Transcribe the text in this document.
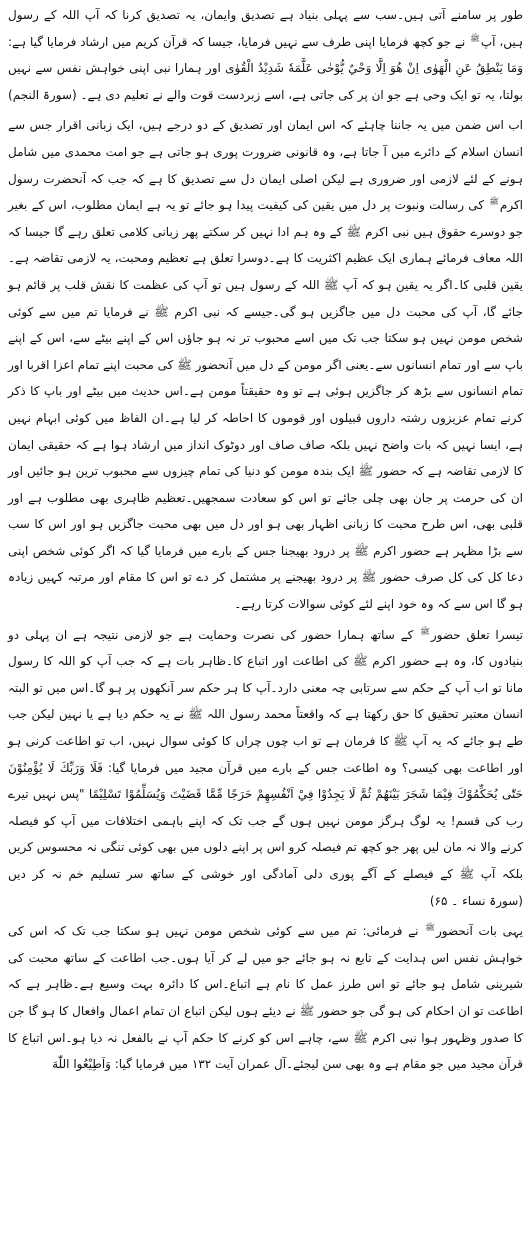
طور پر سامنے آتی ہیں۔سب سے پہلی بنیاد ہے تصدیق وایمان، یہ تصدیق کرنا کہ آپ اللہ کے رسول ہیں، آپ$^ﷺ$ نے جو کچھ فرمایا اپنی طرف سے نہیں فرمایا، جیسا کہ قرآن کریم میں ارشاد فرمایا گیا ہے: وَمَا يَنْطِقُ عَنِ الْهَوٰى اِنْ هُوَ اِلَّا وَحْيٌ يُّوْحٰى عَلَّمَهٗ شَدِيْدُ الْقُوٰى اور ہمارا نبی اپنی خواہش نفس سے نہیں بولتا، یہ تو ایک وحی ہے جو ان پر کی جاتی ہے، اسے زبردست قوت والے نے تعلیم دی ہے۔ (سورۃ النجم)

اب اس ضمن میں یہ جاننا چاہئے کہ اس ایمان اور تصدیق کے دو درجے ہیں، ایک زبانی اقرار جس سے انسان اسلام کے دائرے میں آ جاتا ہے، وہ قانونی ضرورت پوری ہو جاتی ہے جو امت محمدی میں شامل ہونے کے لئے لازمی اور ضروری ہے لیکن اصلی ایمان دل سے تصدیق کا ہے کہ جب کہ آنحضرت رسول اکرم$^ﷺ$ کی رسالت ونبوت پر دل میں یقین کی کیفیت پیدا ہو جائے تو یہ ہے ایمان مطلوب، اس کے بغیر جو دوسرے حقوق ہیں نبی اکرم ﷺ کے وہ ہم ادا نہیں کر سکتے پھر زبانی کلامی تعلق رہے گا جیسا کہ اللہ معاف فرمائے ہماری ایک عظیم اکثریت کا ہے۔دوسرا تعلق ہے تعظیم ومحبت، یہ لازمی تقاضہ ہے۔یقین قلبی کا۔اگر یہ یقین ہو کہ آپ ﷺ اللہ کے رسول ہیں تو آپ کی عظمت کا نقش قلب پر قائم ہو جائے گا، آپ کی محبت دل میں جاگزیں ہو گی۔جیسے کہ نبی اکرم ﷺ نے فرمایا تم میں سے کوئی شخص مومن نہیں ہو سکتا جب تک میں اسے محبوب تر نہ ہو جاؤں اس کے اپنے بیٹے سے، اس کے اپنے باپ سے اور تمام انسانوں سے۔یعنی اگر مومن کے دل میں آنحضور ﷺ کی محبت اپنے تمام اعزا اقربا اور تمام انسانوں سے بڑھ کر جاگزیں ہوئی ہے تو وہ حقیقتاً مومن ہے۔اس حدیث میں بیٹے اور باپ کا ذکر کرنے تمام عزیزوں رشتہ داروں قبیلوں اور قوموں کا احاطہ کر لیا ہے۔ان الفاظ میں کوئی ابہام نہیں ہے، ایسا نہیں کہ بات واضح نہیں بلکہ صاف صاف اور دوٹوک انداز میں ارشاد ہوا ہے کہ حقیقی ایمان کا لازمی تقاضہ ہے کہ حضور ﷺ ایک بندہ مومن کو دنیا کی تمام چیزوں سے محبوب ترین ہو جائیں اور ان کی حرمت پر جان بھی چلی جائے تو اس کو سعادت سمجھیں۔تعظیم ظاہری بھی مطلوب ہے اور قلبی بھی، اس طرح محبت کا زبانی اظہار بھی ہو اور دل میں بھی محبت جاگزیں ہو اور اس کا سب سے بڑا مظہر ہے حضور اکرم ﷺ پر درود بھیجنا جس کے بارے میں فرمایا گیا کہ اگر کوئی شخص اپنی دعا کل کی کل صرف حضور ﷺ پر درود بھیجنے پر مشتمل کر دے تو اس کا مقام اور مرتبہ کہیں زیادہ ہو گا اس سے کہ وہ خود اپنے لئے کوئی سوالات کرتا رہے۔

تیسرا تعلق حضور$^ﷺ$ کے ساتھ ہمارا حضور کی نصرت وحمایت ہے جو لازمی نتیجہ ہے ان پہلی دو بنیادوں کا، وہ ہے حضور اکرم ﷺ کی اطاعت اور اتباع کا۔ظاہر بات ہے کہ جب آپ کو اللہ کا رسول مانا تو اب آپ کے حکم سے سرتابی چہ معنی دارد۔آپ کا ہر حکم سر آنکھوں پر ہو گا۔اس میں تو البتہ انسان معتبر تحقیق کا حق رکھتا ہے کہ واقعتاً محمد رسول اللہ ﷺ نے یہ حکم دیا ہے یا نہیں لیکن جب طے ہو جائے کہ یہ آپ ﷺ کا فرمان ہے تو اب چوں چراں کا کوئی سوال نہیں، اب تو اطاعت کرنی ہو اور اطاعت بھی کیسی؟ وہ اطاعت جس کے بارے میں قرآن مجید میں فرمایا گیا: فَلَا وَرَبِّكَ لَا يُؤْمِنُوْنَ حَتّٰى يُحَكِّمُوْكَ فِيْمَا شَجَرَ بَيْنَهُمْ ثُمَّ لَا يَجِدُوْا فِيْ اَنْفُسِهِمْ حَرَجًا مِّمَّا قَضَيْتَ وَيُسَلِّمُوْا تَسْلِيْمًا "پس نہیں تیرے رب کی قسم! یہ لوگ ہرگز مومن نہیں ہوں گے جب تک کہ اپنے باہمی اختلافات میں آپ کو فیصلہ کرنے والا نہ مان لیں پھر جو کچھ تم فیصلہ کرو اس پر اپنے دلوں میں بھی کوئی تنگی نہ محسوس کریں بلکہ آپ ﷺ کے فیصلے کے آگے پوری دلی آمادگی اور خوشی کے ساتھ سر تسلیم خم نہ کر دیں (سورۃ نساء ۔ ۶۵)

یہی بات آنحضور$^ﷺ$ نے فرمائی: تم میں سے کوئی شخص مومن نہیں ہو سکتا جب تک کہ اس کی خواہش نفس اس ہدایت کے تابع نہ ہو جائے جو میں لے کر آیا ہوں۔جب اطاعت کے ساتھ محبت کی شیرینی شامل ہو جائے تو اس طرز عمل کا نام ہے اتباع۔اس کا دائرہ بہت وسیع ہے۔ظاہر ہے کہ اطاعت تو ان احکام کی ہو گی جو حضور ﷺ نے دیئے ہوں لیکن اتباع ان تمام اعمال وافعال کا ہو گا جن کا صدور وظہور ہوا نبی اکرم ﷺ سے، چاہے اس کو کرنے کا حکم آپ نے بالفعل نہ دیا ہو۔اس اتباع کا قرآن مجید میں جو مقام ہے وہ بھی سن لیجئے۔آل عمران آیت ۱۳۲ میں فرمایا گیا: وَاَطِيْعُوا اللّٰهَ
